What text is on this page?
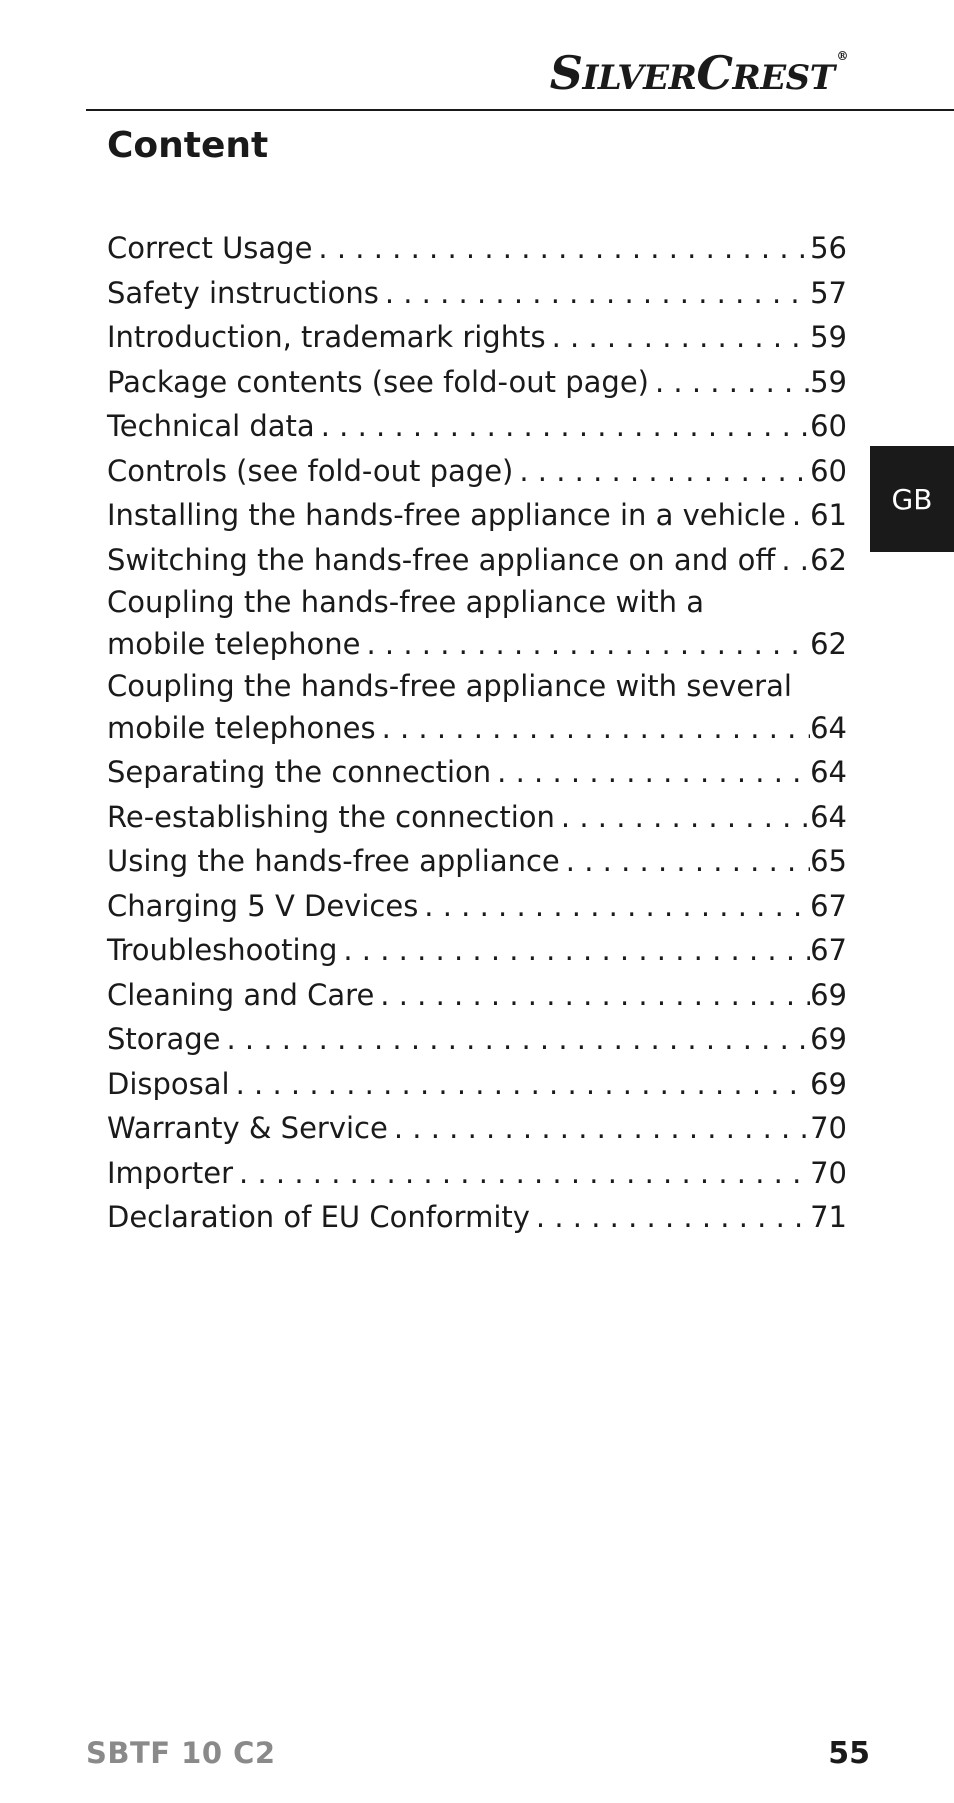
SILVERCREST®
Content
Correct Usage . . .	56
Safety instructions . . .	57
Introduction, trademark rights . . .	59
Package contents (see fold-out page) . . .	59
Technical data . . .	60
Controls (see fold-out page) . . .	60
Installing the hands-free appliance in a vehicle . . . 61
Switching the hands-free appliance on and off . . . 62
Coupling the hands-free appliance with a
mobile telephone . . .	62
Coupling the hands-free appliance with several
mobile telephones . . .	64
Separating the connection . . .	64
Re-establishing the connection . . .	64
Using the hands-free appliance . . .	65
Charging 5 V Devices . . .	67
Troubleshooting . . .	67
Cleaning and Care . . .	69
Storage . . .	69
Disposal . . .	69
Warranty & Service . . .	70
Importer . . .	70
Declaration of EU Conformity . . .	71
GB
SBTF 10 C2	55
